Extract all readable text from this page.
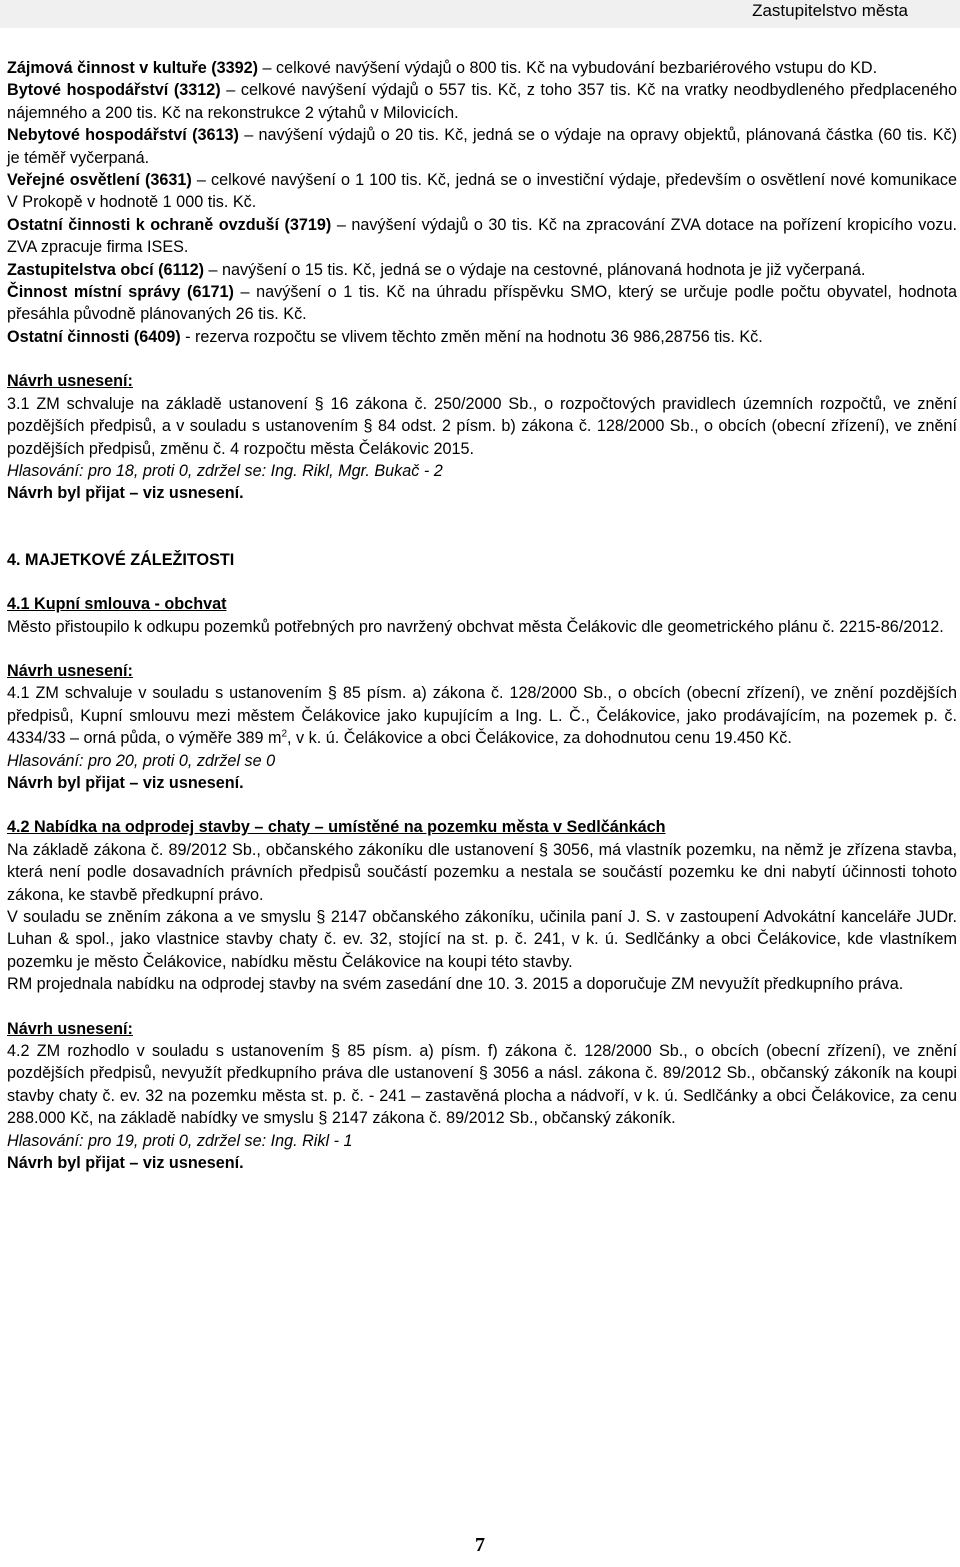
Zastupitelstvo města

Zájmová činnost v kultuře (3392) – celkové navýšení výdajů o 800 tis. Kč na vybudování bezbariérového vstupu do KD.

Bytové hospodářství (3312) – celkové navýšení výdajů o 557 tis. Kč, z toho 357 tis. Kč na vratky neodbydleného předplaceného nájemného a 200 tis. Kč na rekonstrukce 2 výtahů v Milovicích.

Nebytové hospodářství (3613) – navýšení výdajů o 20 tis. Kč, jedná se o výdaje na opravy objektů, plánovaná částka (60 tis. Kč) je téměř vyčerpaná.

Veřejné osvětlení (3631) – celkové navýšení o 1 100 tis. Kč, jedná se o investiční výdaje, především o osvětlení nové komunikace V Prokopě v hodnotě 1 000 tis. Kč.

Ostatní činnosti k ochraně ovzduší (3719) – navýšení výdajů o 30 tis. Kč na zpracování ZVA dotace na pořízení kropicího vozu. ZVA zpracuje firma ISES.

Zastupitelstva obcí (6112) – navýšení o 15 tis. Kč, jedná se o výdaje na cestovné, plánovaná hodnota je již vyčerpaná.

Činnost místní správy (6171) – navýšení o 1 tis. Kč na úhradu příspěvku SMO, který se určuje podle počtu obyvatel, hodnota přesáhla původně plánovaných 26 tis. Kč.

Ostatní činnosti (6409) - rezerva rozpočtu se vlivem těchto změn mění na hodnotu 36 986,28756 tis. Kč.

Návrh usnesení:

3.1 ZM schvaluje na základě ustanovení § 16 zákona č. 250/2000 Sb., o rozpočtových pravidlech územních rozpočtů, ve znění pozdějších předpisů, a v souladu s ustanovením § 84 odst. 2 písm. b) zákona č. 128/2000 Sb., o obcích (obecní zřízení), ve znění pozdějších předpisů, změnu č. 4 rozpočtu města Čelákovic 2015.

Hlasování: pro 18, proti 0, zdržel se: Ing. Rikl, Mgr. Bukač - 2

Návrh byl přijat – viz usnesení.

4. MAJETKOVÉ ZÁLEŽITOSTI

4.1 Kupní smlouva - obchvat

Město přistoupilo k odkupu pozemků potřebných pro navržený obchvat města Čelákovic dle geometrického plánu č. 2215-86/2012.

Návrh usnesení:

4.1 ZM schvaluje v souladu s ustanovením § 85 písm. a) zákona č. 128/2000 Sb., o obcích (obecní zřízení), ve znění pozdějších předpisů, Kupní smlouvu mezi městem Čelákovice jako kupujícím a Ing. L. Č., Čelákovice, jako prodávajícím, na pozemek p. č. 4334/33 – orná půda, o výměře 389 $m^2$, v k. ú. Čelákovice a obci Čelákovice, za dohodnutou cenu 19.450 Kč.

Hlasování: pro 20, proti 0, zdržel se 0

Návrh byl přijat – viz usnesení.

4.2 Nabídka na odprodej stavby – chaty – umístěné na pozemku města v Sedlčánkách

Na základě zákona č. 89/2012 Sb., občanského zákoníku dle ustanovení § 3056, má vlastník pozemku, na němž je zřízena stavba, která není podle dosavadních právních předpisů součástí pozemku a nestala se součástí pozemku ke dni nabytí účinnosti tohoto zákona, ke stavbě předkupní právo.

V souladu se zněním zákona a ve smyslu § 2147 občanského zákoníku, učinila paní J. S. v zastoupení Advokátní kanceláře JUDr. Luhan & spol., jako vlastnice stavby chaty č. ev. 32, stojící na st. p. č. 241, v k. ú. Sedlčánky a obci Čelákovice, kde vlastníkem pozemku je město Čelákovice, nabídku městu Čelákovice na koupi této stavby.

RM projednala nabídku na odprodej stavby na svém zasedání dne 10. 3. 2015 a doporučuje ZM nevyužít předkupního práva.

Návrh usnesení:

4.2 ZM rozhodlo v souladu s ustanovením § 85 písm. a) písm. f) zákona č. 128/2000 Sb., o obcích (obecní zřízení), ve znění pozdějších předpisů, nevyužít předkupního práva dle ustanovení § 3056 a násl. zákona č. 89/2012 Sb., občanský zákoník na koupi stavby chaty č. ev. 32 na pozemku města st. p. č. - 241 – zastavěná plocha a nádvoří, v k. ú. Sedlčánky a obci Čelákovice, za cenu 288.000 Kč, na základě nabídky ve smyslu § 2147 zákona č. 89/2012 Sb., občanský zákoník.

Hlasování: pro 19, proti 0, zdržel se: Ing. Rikl - 1

Návrh byl přijat – viz usnesení.

7
